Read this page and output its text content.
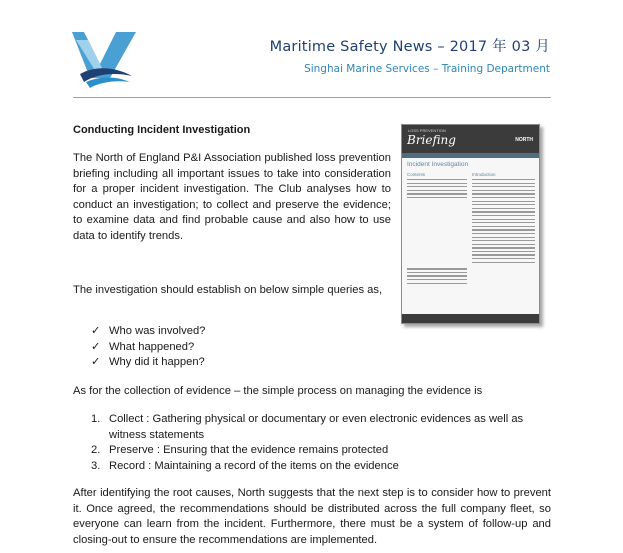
Maritime Safety News – 2017 年 03 月
Singhai Marine Services – Training Department
Conducting Incident Investigation

The North of England P&I Association published loss prevention briefing including all important issues to take into consideration for a proper incident investigation. The Club analyses how to conduct an investigation; to collect and preserve the evidence; to examine data and find probable cause and also how to use data to identify trends.

The investigation should establish on below simple queries as,

✓ Who was involved?
✓ What happened?
✓ Why did it happen?

As for the collection of evidence – the simple process on managing the evidence is

1. Collect : Gathering physical or documentary or even electronic evidences as well as witness statements
2. Preserve : Ensuring that the evidence remains protected
3. Record : Maintaining a record of the items on the evidence

After identifying the root causes, North suggests that the next step is to consider how to prevent it. Once agreed, the recommendations should be distributed across the full company fleet, so everyone can learn from the incident. Furthermore, there must be a system of follow-up and closing-out to ensure the recommendations are implemented.

LOSS PREVENTION
Briefing	NORTH
Incident Investigation
Contents	Introduction
